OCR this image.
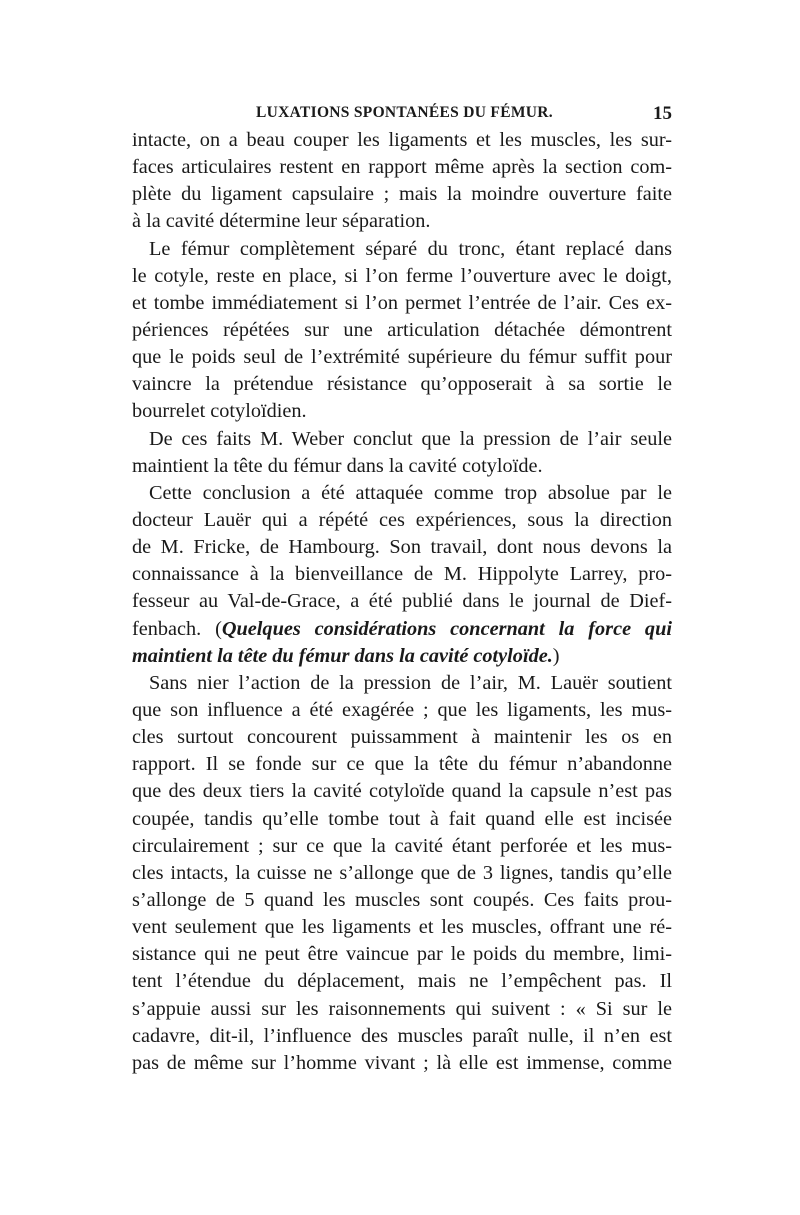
LUXATIONS SPONTANÉES DU FÉMUR.	15
intacte, on a beau couper les ligaments et les muscles, les sur-
faces articulaires restent en rapport même après la section com-
plète du ligament capsulaire ; mais la moindre ouverture faite
à la cavité détermine leur séparation.
Le fémur complètement séparé du tronc, étant replacé dans
le cotyle, reste en place, si l’on ferme l’ouverture avec le doigt,
et tombe immédiatement si l’on permet l’entrée de l’air. Ces ex-
périences répétées sur une articulation détachée démontrent
que le poids seul de l’extrémité supérieure du fémur suffit pour
vaincre la prétendue résistance qu’opposerait à sa sortie le
bourrelet cotyloïdien.
De ces faits M. Weber conclut que la pression de l’air seule
maintient la tête du fémur dans la cavité cotyloïde.
Cette conclusion a été attaquée comme trop absolue par le
docteur Lauër qui a répété ces expériences, sous la direction
de M. Fricke, de Hambourg. Son travail, dont nous devons la
connaissance à la bienveillance de M. Hippolyte Larrey, pro-
fesseur au Val-de-Grace, a été publié dans le journal de Dief-
fenbach. (Quelques considérations concernant la force qui
maintient la tête du fémur dans la cavité cotyloïde.)
Sans nier l’action de la pression de l’air, M. Lauër soutient
que son influence a été exagérée ; que les ligaments, les mus-
cles surtout concourent puissamment à maintenir les os en
rapport. Il se fonde sur ce que la tête du fémur n’abandonne
que des deux tiers la cavité cotyloïde quand la capsule n’est pas
coupée, tandis qu’elle tombe tout à fait quand elle est incisée
circulairement ; sur ce que la cavité étant perforée et les mus-
cles intacts, la cuisse ne s’allonge que de 3 lignes, tandis qu’elle
s’allonge de 5 quand les muscles sont coupés. Ces faits prou-
vent seulement que les ligaments et les muscles, offrant une ré-
sistance qui ne peut être vaincue par le poids du membre, limi-
tent l’étendue du déplacement, mais ne l’empêchent pas. Il
s’appuie aussi sur les raisonnements qui suivent : « Si sur le
cadavre, dit-il, l’influence des muscles paraît nulle, il n’en est
pas de même sur l’homme vivant ; là elle est immense, comme
